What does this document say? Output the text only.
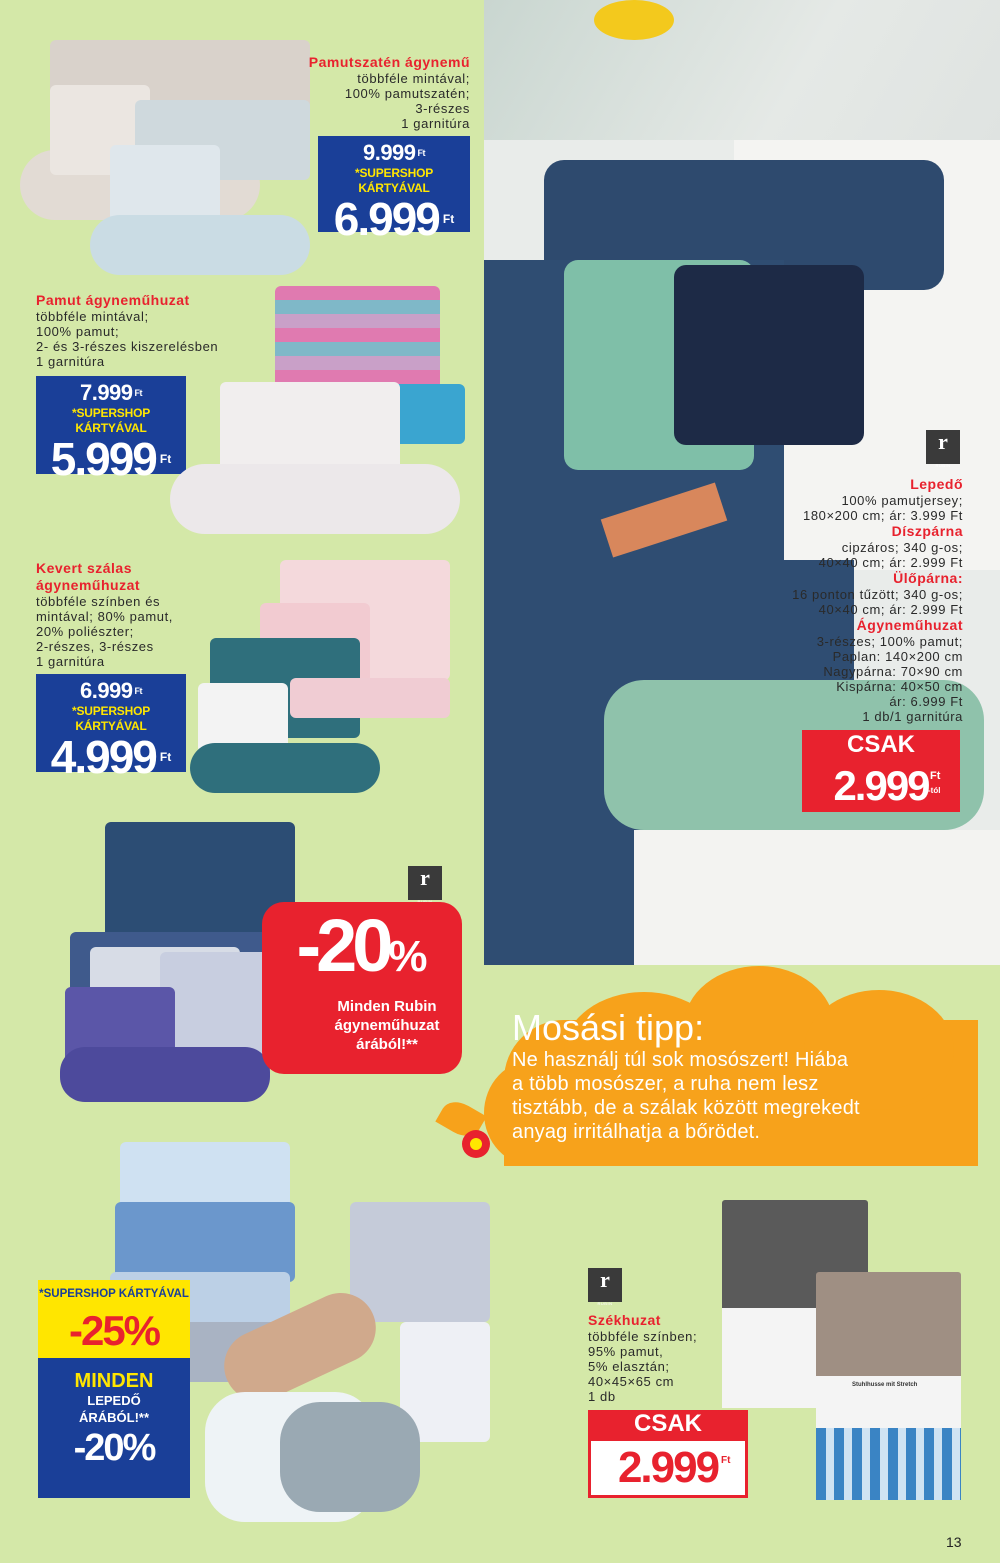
Pamutszatén ágynemű
többféle mintával;
100% pamutszatén;
3-részes
1 garnitúra
9.999 $^{Ft}$
*SUPERSHOP KÁRTYÁVAL
6.999 $^{Ft}$
Pamut ágyneműhuzat
többféle mintával;
100% pamut;
2- és 3-részes kiszerelésben
1 garnitúra
7.999 $^{Ft}$
*SUPERSHOP KÁRTYÁVAL
5.999 $^{Ft}$
Kevert szálas
ágyneműhuzat
többféle színben és
mintával; 80% pamut,
20% poliészter;
2-részes, 3-részes
1 garnitúra
6.999 $^{Ft}$
*SUPERSHOP KÁRTYÁVAL
4.999 $^{Ft}$
r
RUBIN
Lepedő
100% pamutjersey;
180×200 cm; ár: 3.999 Ft
Díszpárna
cipzáros; 340 g-os;
40×40 cm; ár: 2.999 Ft
Ülőpárna:
16 ponton tűzött; 340 g-os;
40×40 cm; ár: 2.999 Ft
Ágyneműhuzat
3-részes; 100% pamut;
Paplan: 140×200 cm
Nagypárna: 70×90 cm
Kispárna: 40×50 cm
ár: 6.999 Ft
1 db/1 garnitúra
CSAK
2.999 Ft
-tól
r
-20%
Minden Rubin
ágyneműhuzat
árából!**	Mosási tipp:
Ne használj túl sok mosószert! Hiába
a több mosószer, a ruha nem lesz
tisztább, de a szálak között megrekedt
anyag irritálhatja a bőrödet.
*SUPERSHOP KÁRTYÁVAL
-25%
MINDEN
LEPEDŐ
ÁRÁBÓL!**
-20%
r
RUBIN
Székhuzat
többféle színben;
95% pamut,
5% elasztán;
40×45×65 cm
1 db
CSAK
2.999 Ft
Stuhlhusse mit Stretch
13
